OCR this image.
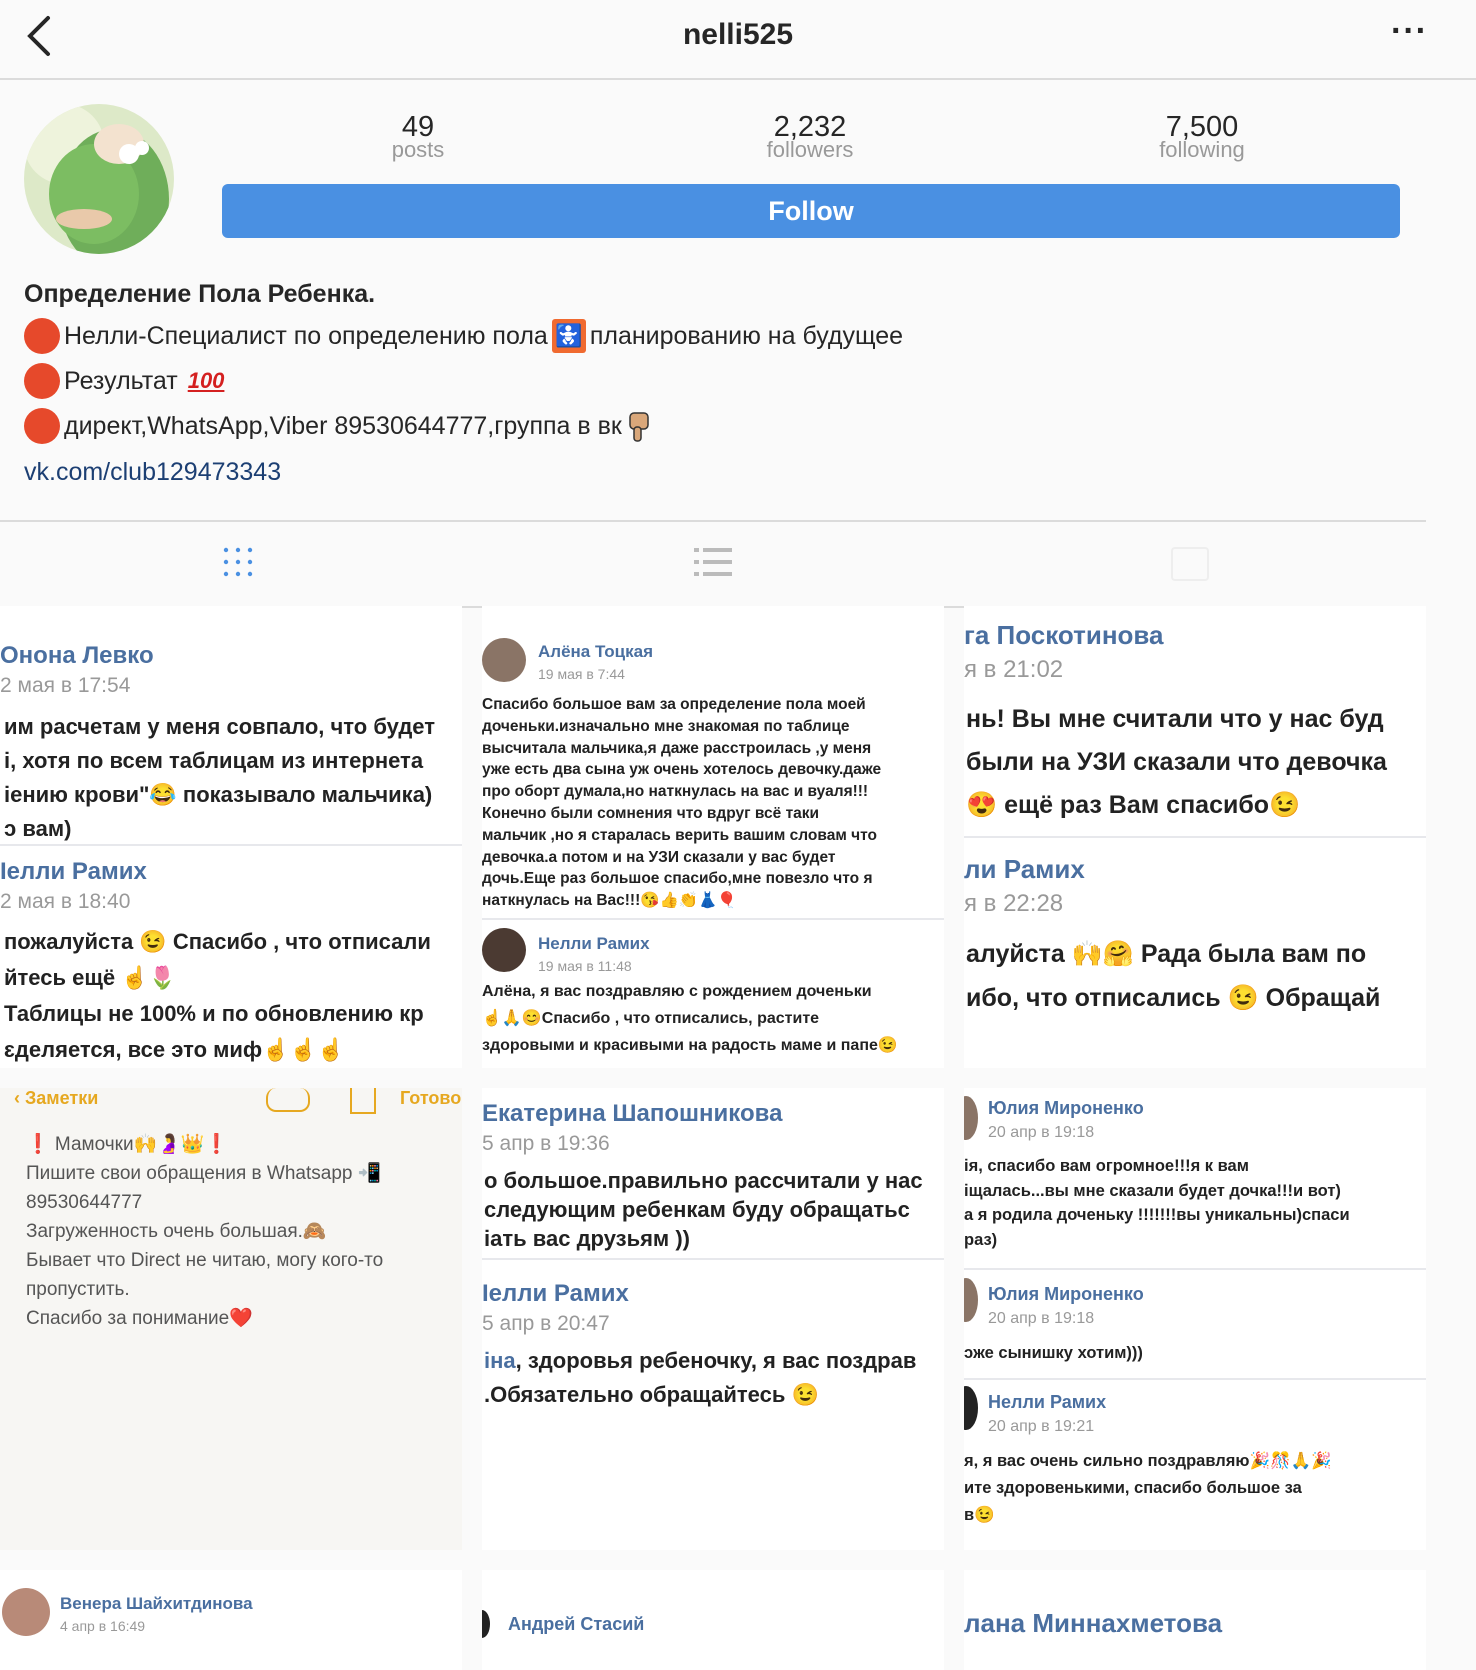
nelli525	···
49
posts
2,232
followers
7,500
following
Follow
Определение Пола Ребенка.
Нелли-Специалист по определению пола 🚼 планированию на будущее
Результат 100
директ,WhatsApp,Viber 89530644777,группа в вк
vk.com/club129473343
Онона Левко
2 мая в 17:54
им расчетам у меня совпало, что будет
і, хотя по всем таблицам из интернета
іению крови"😂 показывало мальчика)
ɔ вам)
Іелли Рамих
2 мая в 18:40
пожалуйста 😉 Спасибо , что отписали
йтесь ещё ☝🌷
Таблицы не 100% и по обновлению кр
ɛделяется, все это миф☝☝☝
Алёна Тоцкая
19 мая в 7:44
Спасибо большое вам за определение пола моей
доченьки.изначально мне знакомая по таблице
высчитала мальчика,я даже расстроилась ,у меня
уже есть два сына уж очень хотелось девочку.даже
про оборт думала,но наткнулась на вас и вуаля!!!
Конечно были сомнения что вдруг всё таки
мальчик ,но я старалась верить вашим словам что
девочка.а потом и на УЗИ сказали у вас будет
дочь.Еще раз большое спасибо,мне повезло что я
наткнулась на Вас!!!😘👍👏👗🎈
Нелли Рамих
19 мая в 11:48
Алёна, я вас поздравляю с рождением доченьки
☝🙏😊Спасибо , что отписались, растите
здоровыми и красивыми на радость маме и папе😉
га Поскотинова
я в 21:02
нь! Вы мне считали что у нас буд
были на УЗИ сказали что девочка
😍 ещё раз Вам спасибо😉
ли Рамих
я в 22:28
алуйста 🙌🤗 Рада была вам по
ибо, что отписались 😉 Обращай
‹ Заметки	Готово
❗ Мамочки🙌🤰👑❗
Пишите свои обращения в Whatsapp 📲
89530644777
Загруженность очень большая.🙈
Бывает что Direct не читаю, могу кого-то
пропустить.
Спасибо за понимание❤️
Екатерина Шапошникова
5 апр в 19:36
о большое.правильно рассчитали у нас
следующим ребенкам буду обращатьс
іать вас друзьям ))
Іелли Рамих
5 апр в 20:47
іна, здоровья ребеночку, я вас поздрав
.Обязательно обращайтесь 😉
Юлия Мироненко
20 апр в 19:18
ія, спасибо вам огромное!!!я к вам
іщалась...вы мне сказали будет дочка!!!и вот)
а я родила доченьку !!!!!!!вы уникальны)спаси
раз)
Юлия Мироненко
20 апр в 19:18
ɔже сынишку хотим)))
Нелли Рамих
20 апр в 19:21
я, я вас очень сильно поздравляю🎉🎊🙏🎉
ите здоровенькими, спасибо большое за
в😉
Венера Шайхитдинова
4 апр в 16:49	Андрей Стасий	лана Миннахметова
